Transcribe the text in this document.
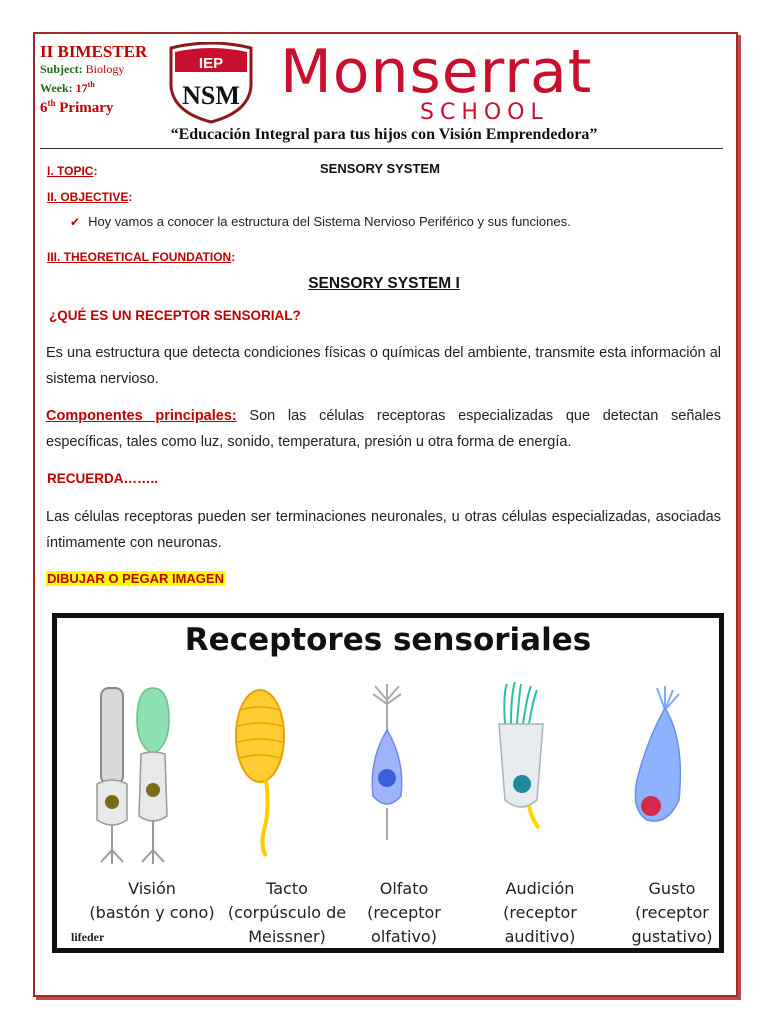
II BIMESTER
Subject: Biology
Week: 17th
6th Primary
IEP
NSM Monserrat
SCHOOL
“Educación Integral para tus hijos con Visión Emprendedora”
I. TOPIC:	SENSORY SYSTEM
II. OBJECTIVE:
✔ Hoy vamos a conocer la estructura del Sistema Nervioso Periférico y sus funciones.
III. THEORETICAL FOUNDATION:
SENSORY SYSTEM I
¿QUÉ ES UN RECEPTOR SENSORIAL?
Es una estructura que detecta condiciones físicas o químicas del ambiente, transmite esta información al sistema nervioso.
Componentes principales: Son las células receptoras especializadas que detectan señales específicas, tales como luz, sonido, temperatura, presión u otra forma de energía.
RECUERDA……..
Las células receptoras pueden ser terminaciones neuronales, u otras células especializadas, asociadas íntimamente con neuronas.
DIBUJAR O PEGAR IMAGEN
Receptores sensoriales
Visión
(bastón y cono)
Tacto
(corpúsculo de
Meissner)
Olfato
(receptor
olfativo)
Audición
(receptor
auditivo)
Gusto
(receptor
gustativo)
lifeder
